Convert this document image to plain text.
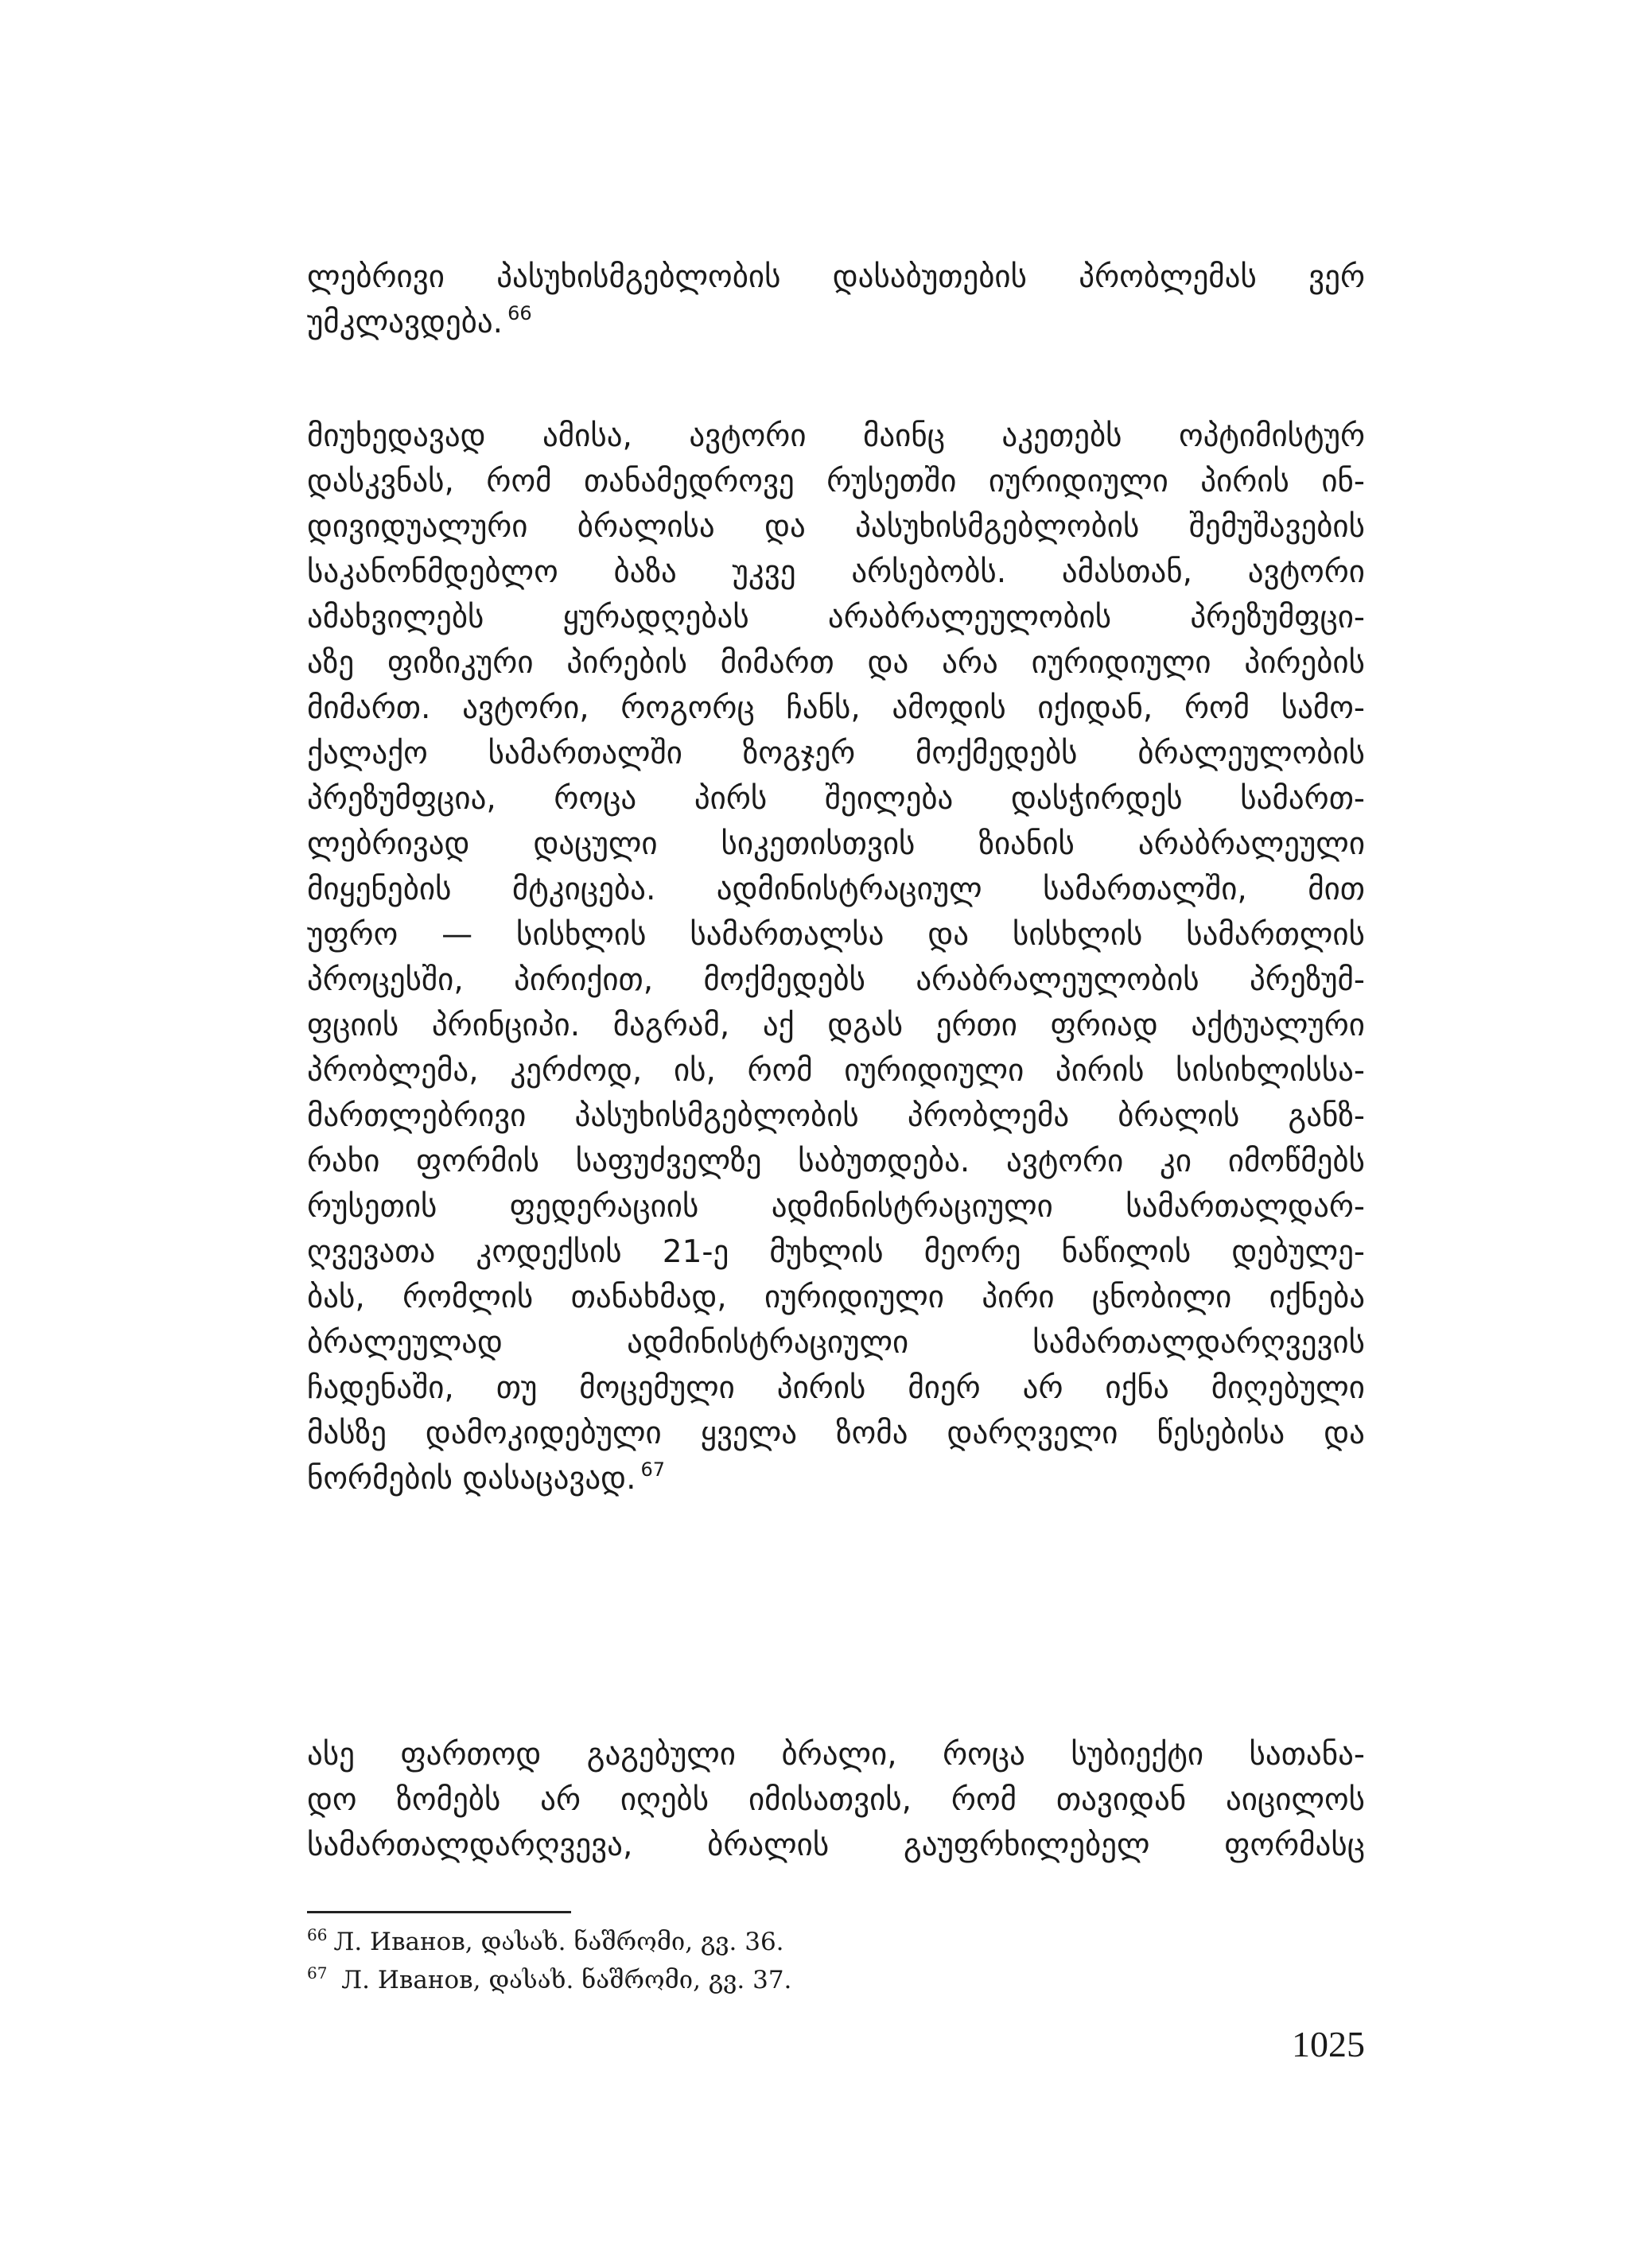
ლებრივი პასუხისმგებლობის დასაბუთების პრობლემას ვერ
უმკლავდება. $^{66}$
მიუხედავად ამისა, ავტორი მაინც აკეთებს ოპტიმისტურ
დასკვნას, რომ თანამედროვე რუსეთში იურიდიული პირის ინ-
დივიდუალური ბრალისა და პასუხისმგებლობის შემუშავების
საკანონმდებლო ბაზა უკვე არსებობს. ამასთან, ავტორი
ამახვილებს ყურადღებას არაბრალეულობის პრეზუმფცი-
აზე ფიზიკური პირების მიმართ და არა იურიდიული პირების
მიმართ. ავტორი, როგორც ჩანს, ამოდის იქიდან, რომ სამო-
ქალაქო სამართალში ზოგჯერ მოქმედებს ბრალეულობის
პრეზუმფცია, როცა პირს შეილება დასჭირდეს სამართ-
ლებრივად დაცული სიკეთისთვის ზიანის არაბრალეული
მიყენების მტკიცება. ადმინისტრაციულ სამართალში, მით
უფრო — სისხლის სამართალსა და სისხლის სამართლის
პროცესში, პირიქით, მოქმედებს არაბრალეულობის პრეზუმ-
ფციის პრინციპი. მაგრამ, აქ დგას ერთი ფრიად აქტუალური
პრობლემა, კერძოდ, ის, რომ იურიდიული პირის სისიხლისსა-
მართლებრივი პასუხისმგებლობის პრობლემა ბრალის განზ-
რახი ფორმის საფუძველზე საბუთდება. ავტორი კი იმოწმებს
რუსეთის ფედერაციის ადმინისტრაციული სამართალდარ-
ღვევათა კოდექსის 21-ე მუხლის მეორე ნაწილის დებულე-
ბას, რომლის თანახმად, იურიდიული პირი ცნობილი იქნება
ბრალეულად ადმინისტრაციული სამართალდარღვევის
ჩადენაში, თუ მოცემული პირის მიერ არ იქნა მიღებული
მასზე დამოკიდებული ყველა ზომა დარღველი წესებისა და
ნორმების დასაცავად. $^{67}$
ასე ფართოდ გაგებული ბრალი, როცა სუბიექტი სათანა-
დო ზომებს არ იღებს იმისათვის, რომ თავიდან აიცილოს
სამართალდარღვევა, ბრალის გაუფრხილებელ ფორმასც
$^{66}$ Л. Иванов, დასახ. ნაშრომი, გვ. 36.
$^{67}$ Л. Иванов, დასახ. ნაშრომი, გვ. 37.
1025
